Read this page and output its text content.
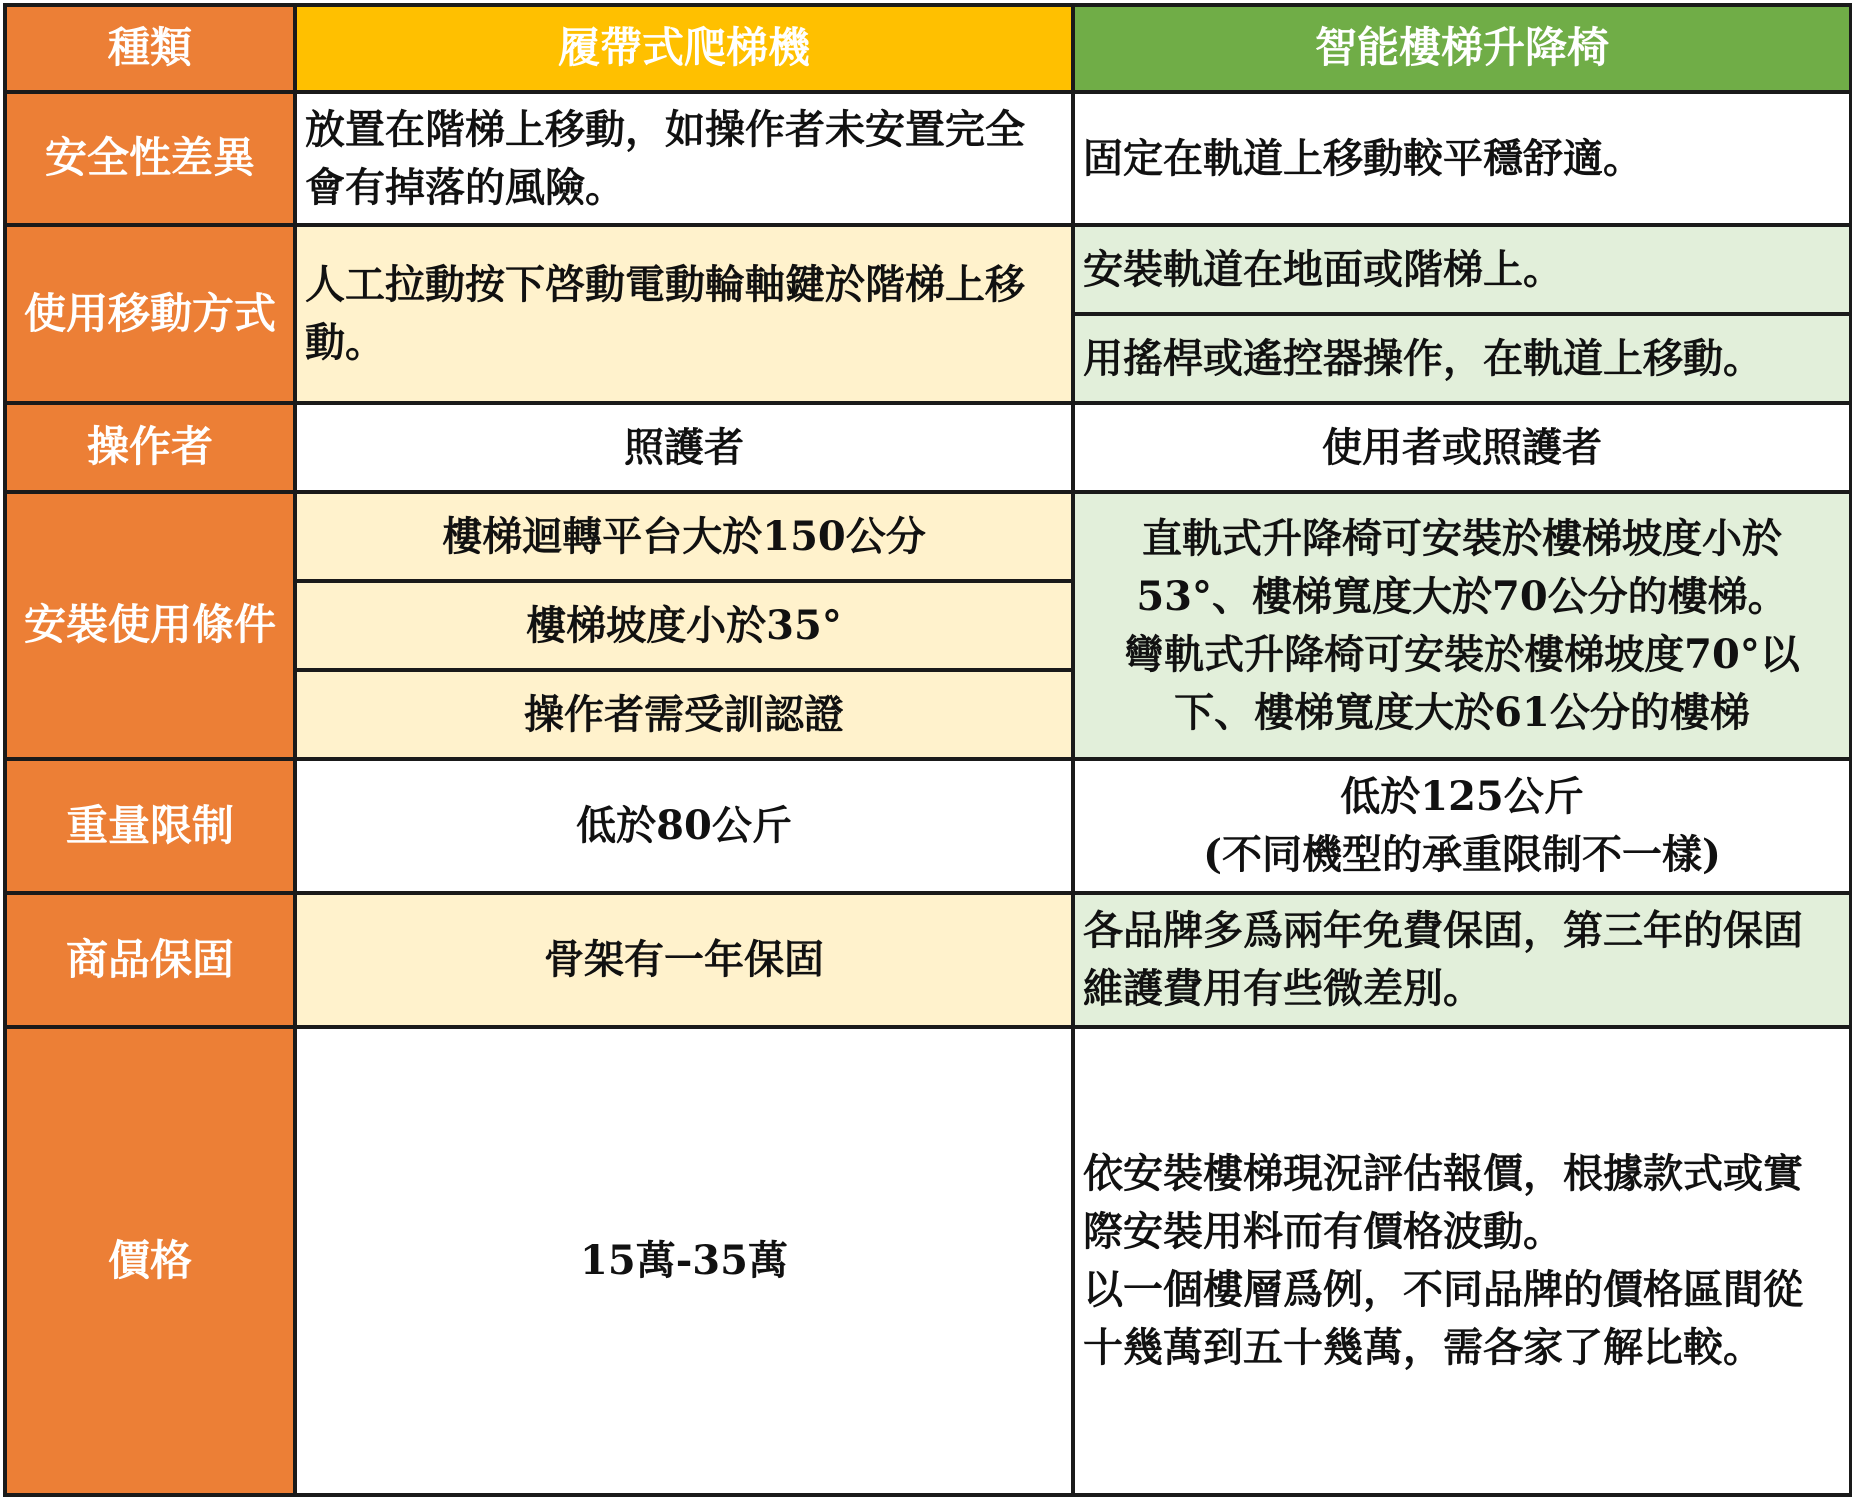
種類	履帶式爬梯機	智能樓梯升降椅
安全性差異	放置在階梯上移動，如操作者未安置完全會有掉落的風險。	固定在軌道上移動較平穩舒適。
使用移動方式	人工拉動按下啓動電動輪軸鍵於階梯上移動。	安裝軌道在地面或階梯上。
		用搖桿或遙控器操作，在軌道上移動。
操作者	照護者	使用者或照護者
安裝使用條件	樓梯迴轉平台大於150公分	直軌式升降椅可安裝於樓梯坡度小於
53°、樓梯寬度大於70公分的樓梯。
彎軌式升降椅可安裝於樓梯坡度70°以
下、樓梯寬度大於61公分的樓梯

	樓梯坡度小於35°	
	操作者需受訓認證	
重量限制	低於80公斤	低於125公斤
(不同機型的承重限制不一樣)

商品保固	骨架有一年保固	各品牌多爲兩年免費保固，第三年的保固維護費用有些微差別。
價格	15萬-35萬	依安裝樓梯現況評估報價，根據款式或實際安裝用料而有價格波動。
以一個樓層爲例，不同品牌的價格區間從十幾萬到五十幾萬，需各家了解比較。
